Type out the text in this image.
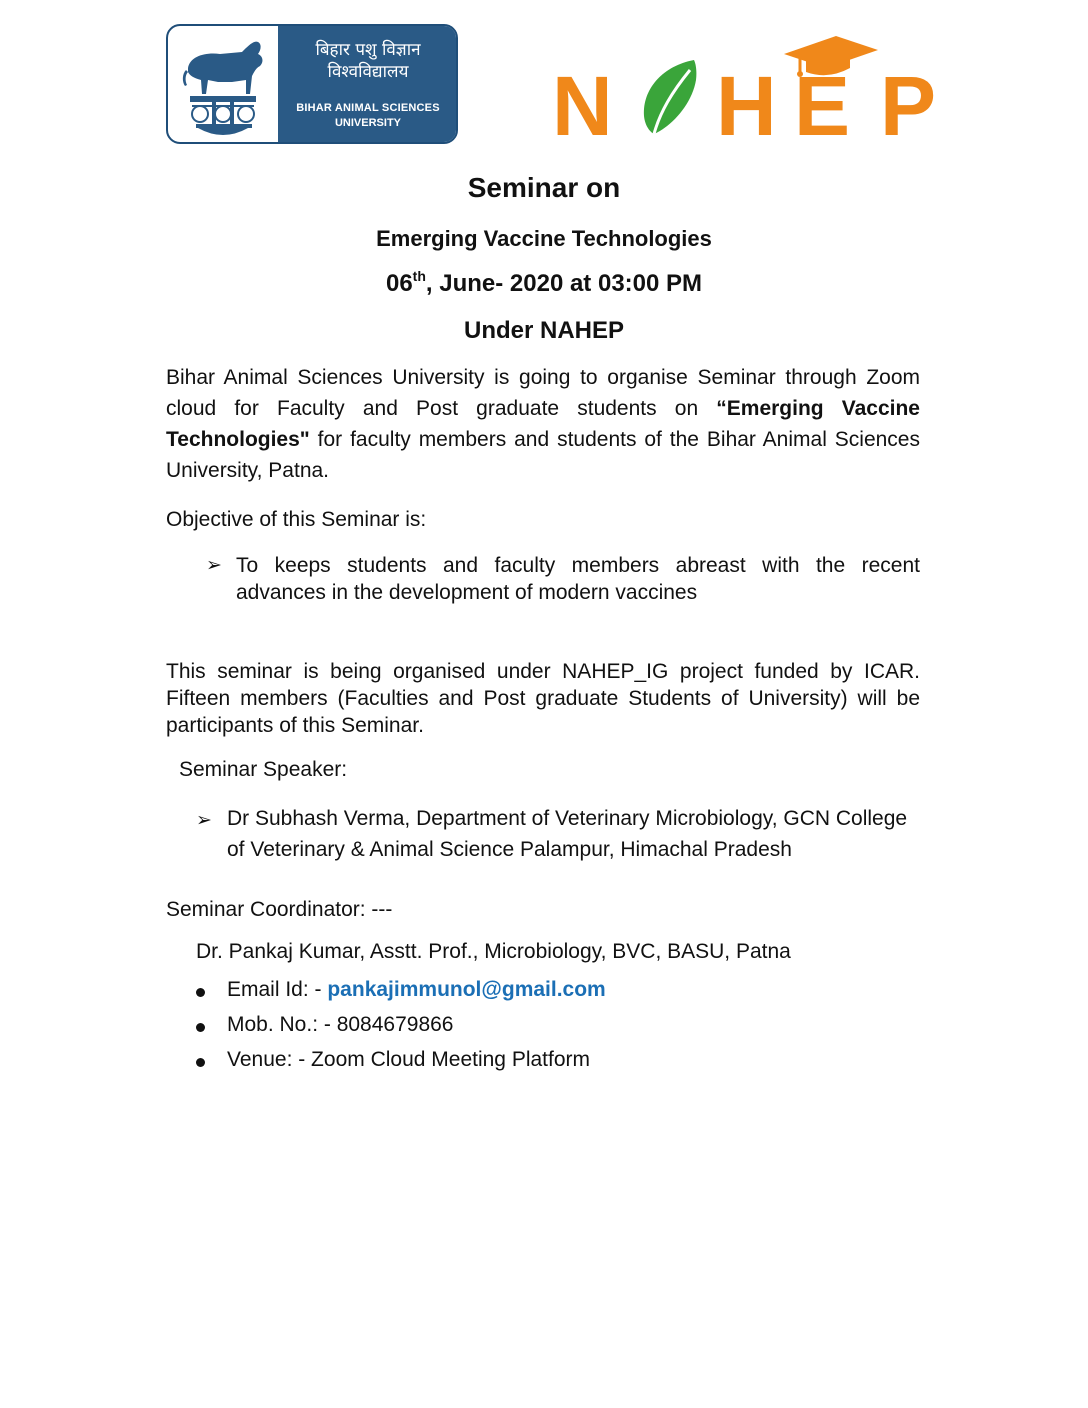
बिहार पशु विज्ञान
विश्वविद्यालय
BIHAR ANIMAL SCIENCES
UNIVERSITY	N H E P
Seminar on
Emerging Vaccine Technologies
06th, June- 2020 at 03:00 PM
Under NAHEP
Bihar Animal Sciences University is going to organise Seminar through Zoom cloud for Faculty and Post graduate students on “Emerging Vaccine Technologies" for faculty members and students of the Bihar Animal Sciences University, Patna.
Objective of this Seminar is:
➢ To keeps students and faculty members abreast with the recent advances in the development of modern vaccines
This seminar is being organised under NAHEP_IG project funded by ICAR. Fifteen members (Faculties and Post graduate Students of University) will be participants of this Seminar.
Seminar Speaker:
➢ Dr Subhash Verma, Department of Veterinary Microbiology, GCN College of Veterinary & Animal Science Palampur, Himachal Pradesh
Seminar Coordinator: ---
Dr. Pankaj Kumar, Asstt. Prof., Microbiology, BVC, BASU, Patna
Email Id: - pankajimmunol@gmail.com
Mob. No.: - 8084679866
Venue: - Zoom Cloud Meeting Platform
